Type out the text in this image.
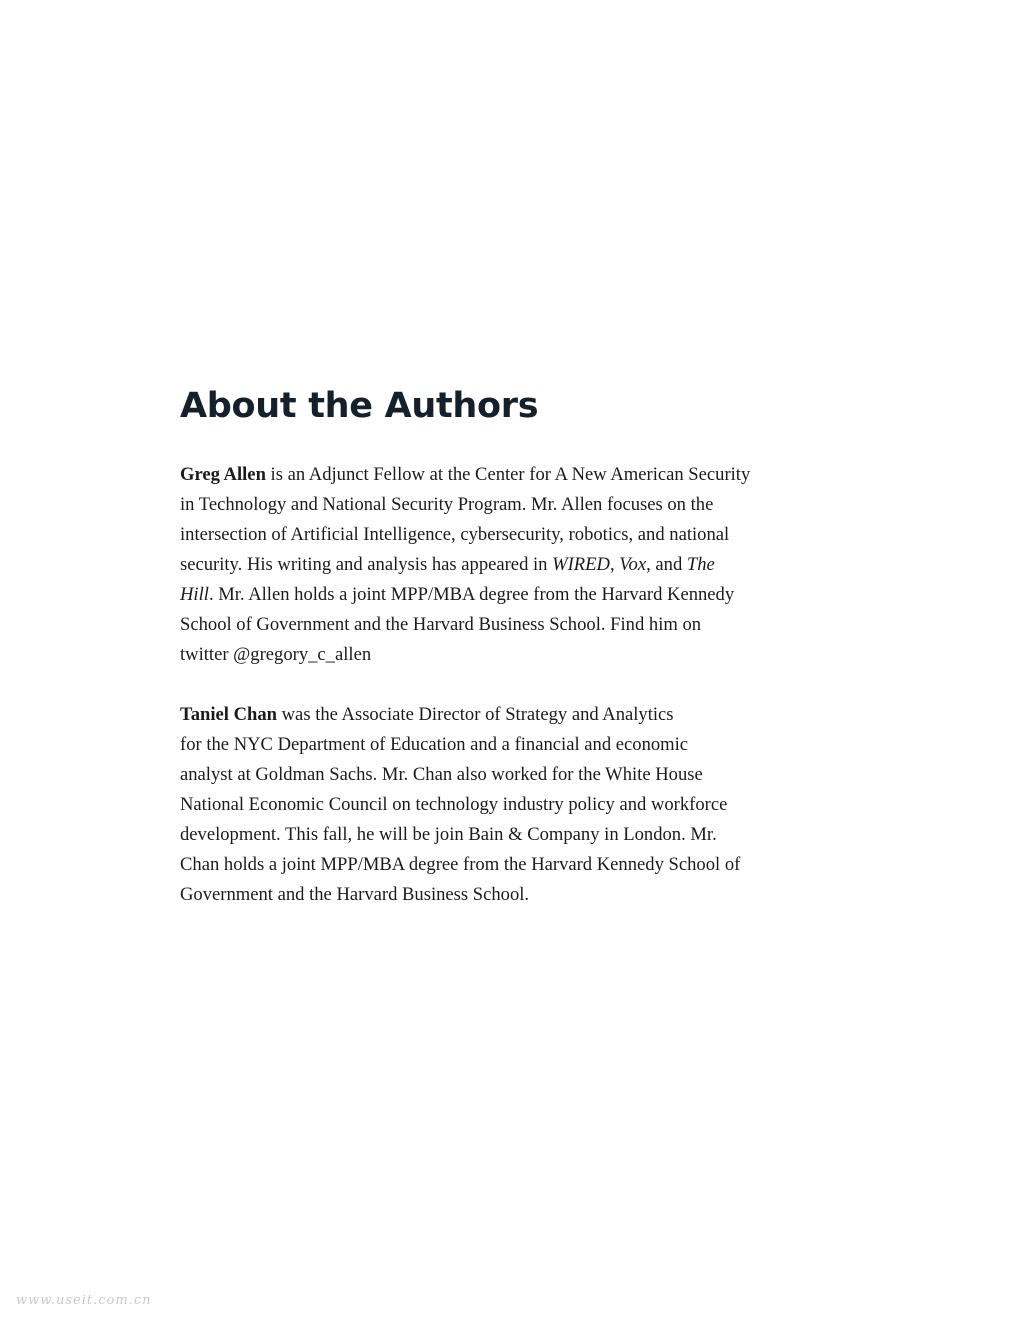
About the Authors

Greg Allen is an Adjunct Fellow at the Center for A New American Security
in Technology and National Security Program. Mr. Allen focuses on the
intersection of Artificial Intelligence, cybersecurity, robotics, and national
security. His writing and analysis has appeared in WIRED, Vox, and The
Hill. Mr. Allen holds a joint MPP/MBA degree from the Harvard Kennedy
School of Government and the Harvard Business School. Find him on
twitter @gregory_c_allen

Taniel Chan was the Associate Director of Strategy and Analytics
for the NYC Department of Education and a financial and economic
analyst at Goldman Sachs. Mr. Chan also worked for the White House
National Economic Council on technology industry policy and workforce
development. This fall, he will be join Bain & Company in London. Mr.
Chan holds a joint MPP/MBA degree from the Harvard Kennedy School of
Government and the Harvard Business School.

www.useit.com.cn
